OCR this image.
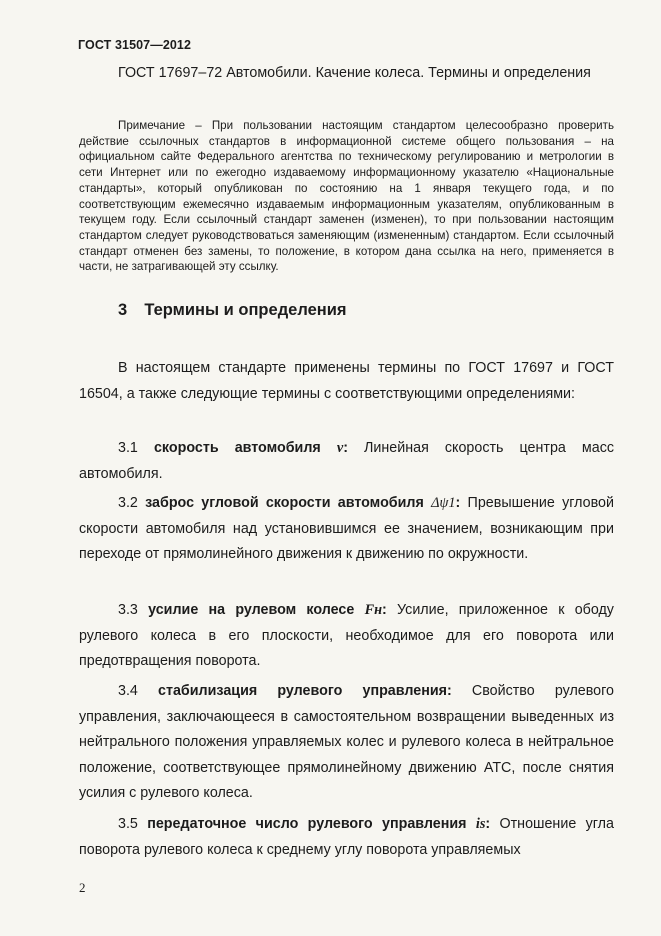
ГОСТ 31507—2012
ГОСТ 17697–72 Автомобили. Качение колеса. Термины и определения
Примечание – При пользовании настоящим стандартом целесообразно проверить действие ссылочных стандартов в информационной системе общего пользования – на официальном сайте Федерального агентства по техническому регулированию и метрологии в сети Интернет или по ежегодно издаваемому информационному указателю «Национальные стандарты», который опубликован по состоянию на 1 января текущего года, и по соответствующим ежемесячно издаваемым информационным указателям, опубликованным в текущем году. Если ссылочный стандарт заменен (изменен), то при пользовании настоящим стандартом следует руководствоваться заменяющим (измененным) стандартом. Если ссылочный стандарт отменен без замены, то положение, в котором дана ссылка на него, применяется в части, не затрагивающей эту ссылку.
3 Термины и определения
В настоящем стандарте применены термины по ГОСТ 17697 и ГОСТ 16504, а также следующие термины с соответствующими определениями:
3.1 скорость автомобиля v: Линейная скорость центра масс автомобиля.
3.2 заброс угловой скорости автомобиля Δψ1: Превышение угловой скорости автомобиля над установившимся ее значением, возникающим при переходе от прямолинейного движения к движению по окружности.
3.3 усилие на рулевом колесе Fн: Усилие, приложенное к ободу рулевого колеса в его плоскости, необходимое для его поворота или предотвращения поворота.
3.4 стабилизация рулевого управления: Свойство рулевого управления, заключающееся в самостоятельном возвращении выведенных из нейтрального положения управляемых колес и рулевого колеса в нейтральное положение, соответствующее прямолинейному движению АТС, после снятия усилия с рулевого колеса.
3.5 передаточное число рулевого управления is: Отношение угла поворота рулевого колеса к среднему углу поворота управляемых
2
